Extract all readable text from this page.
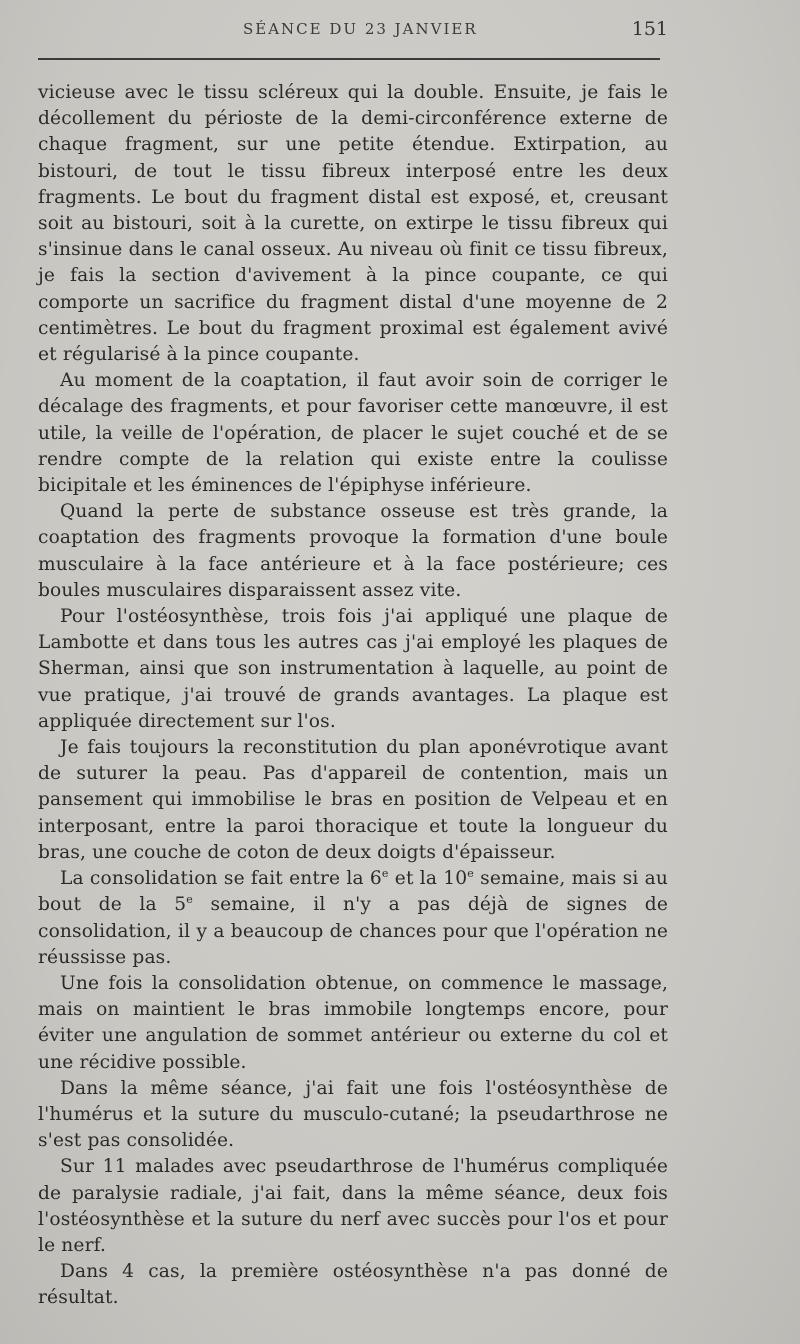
SÉANCE DU 23 JANVIER	151

vicieuse avec le tissu scléreux qui la double. Ensuite, je fais le décollement du périoste de la demi-circonférence externe de chaque fragment, sur une petite étendue. Extirpation, au bistouri, de tout le tissu fibreux interposé entre les deux fragments. Le bout du fragment distal est exposé, et, creusant soit au bistouri, soit à la curette, on extirpe le tissu fibreux qui s'insinue dans le canal osseux. Au niveau où finit ce tissu fibreux, je fais la section d'avivement à la pince coupante, ce qui comporte un sacrifice du fragment distal d'une moyenne de 2 centimètres. Le bout du fragment proximal est également avivé et régularisé à la pince coupante.

Au moment de la coaptation, il faut avoir soin de corriger le décalage des fragments, et pour favoriser cette manœuvre, il est utile, la veille de l'opération, de placer le sujet couché et de se rendre compte de la relation qui existe entre la coulisse bicipitale et les éminences de l'épiphyse inférieure.

Quand la perte de substance osseuse est très grande, la coaptation des fragments provoque la formation d'une boule musculaire à la face antérieure et à la face postérieure; ces boules musculaires disparaissent assez vite.

Pour l'ostéosynthèse, trois fois j'ai appliqué une plaque de Lambotte et dans tous les autres cas j'ai employé les plaques de Sherman, ainsi que son instrumentation à laquelle, au point de vue pratique, j'ai trouvé de grands avantages. La plaque est appliquée directement sur l'os.

Je fais toujours la reconstitution du plan aponévrotique avant de suturer la peau. Pas d'appareil de contention, mais un pansement qui immobilise le bras en position de Velpeau et en interposant, entre la paroi thoracique et toute la longueur du bras, une couche de coton de deux doigts d'épaisseur.

La consolidation se fait entre la 6e et la 10e semaine, mais si au bout de la 5e semaine, il n'y a pas déjà de signes de consolidation, il y a beaucoup de chances pour que l'opération ne réussisse pas.

Une fois la consolidation obtenue, on commence le massage, mais on maintient le bras immobile longtemps encore, pour éviter une angulation de sommet antérieur ou externe du col et une récidive possible.

Dans la même séance, j'ai fait une fois l'ostéosynthèse de l'humérus et la suture du musculo-cutané; la pseudarthrose ne s'est pas consolidée.

Sur 11 malades avec pseudarthrose de l'humérus compliquée de paralysie radiale, j'ai fait, dans la même séance, deux fois l'ostéosynthèse et la suture du nerf avec succès pour l'os et pour le nerf.

Dans 4 cas, la première ostéosynthèse n'a pas donné de résultat.
